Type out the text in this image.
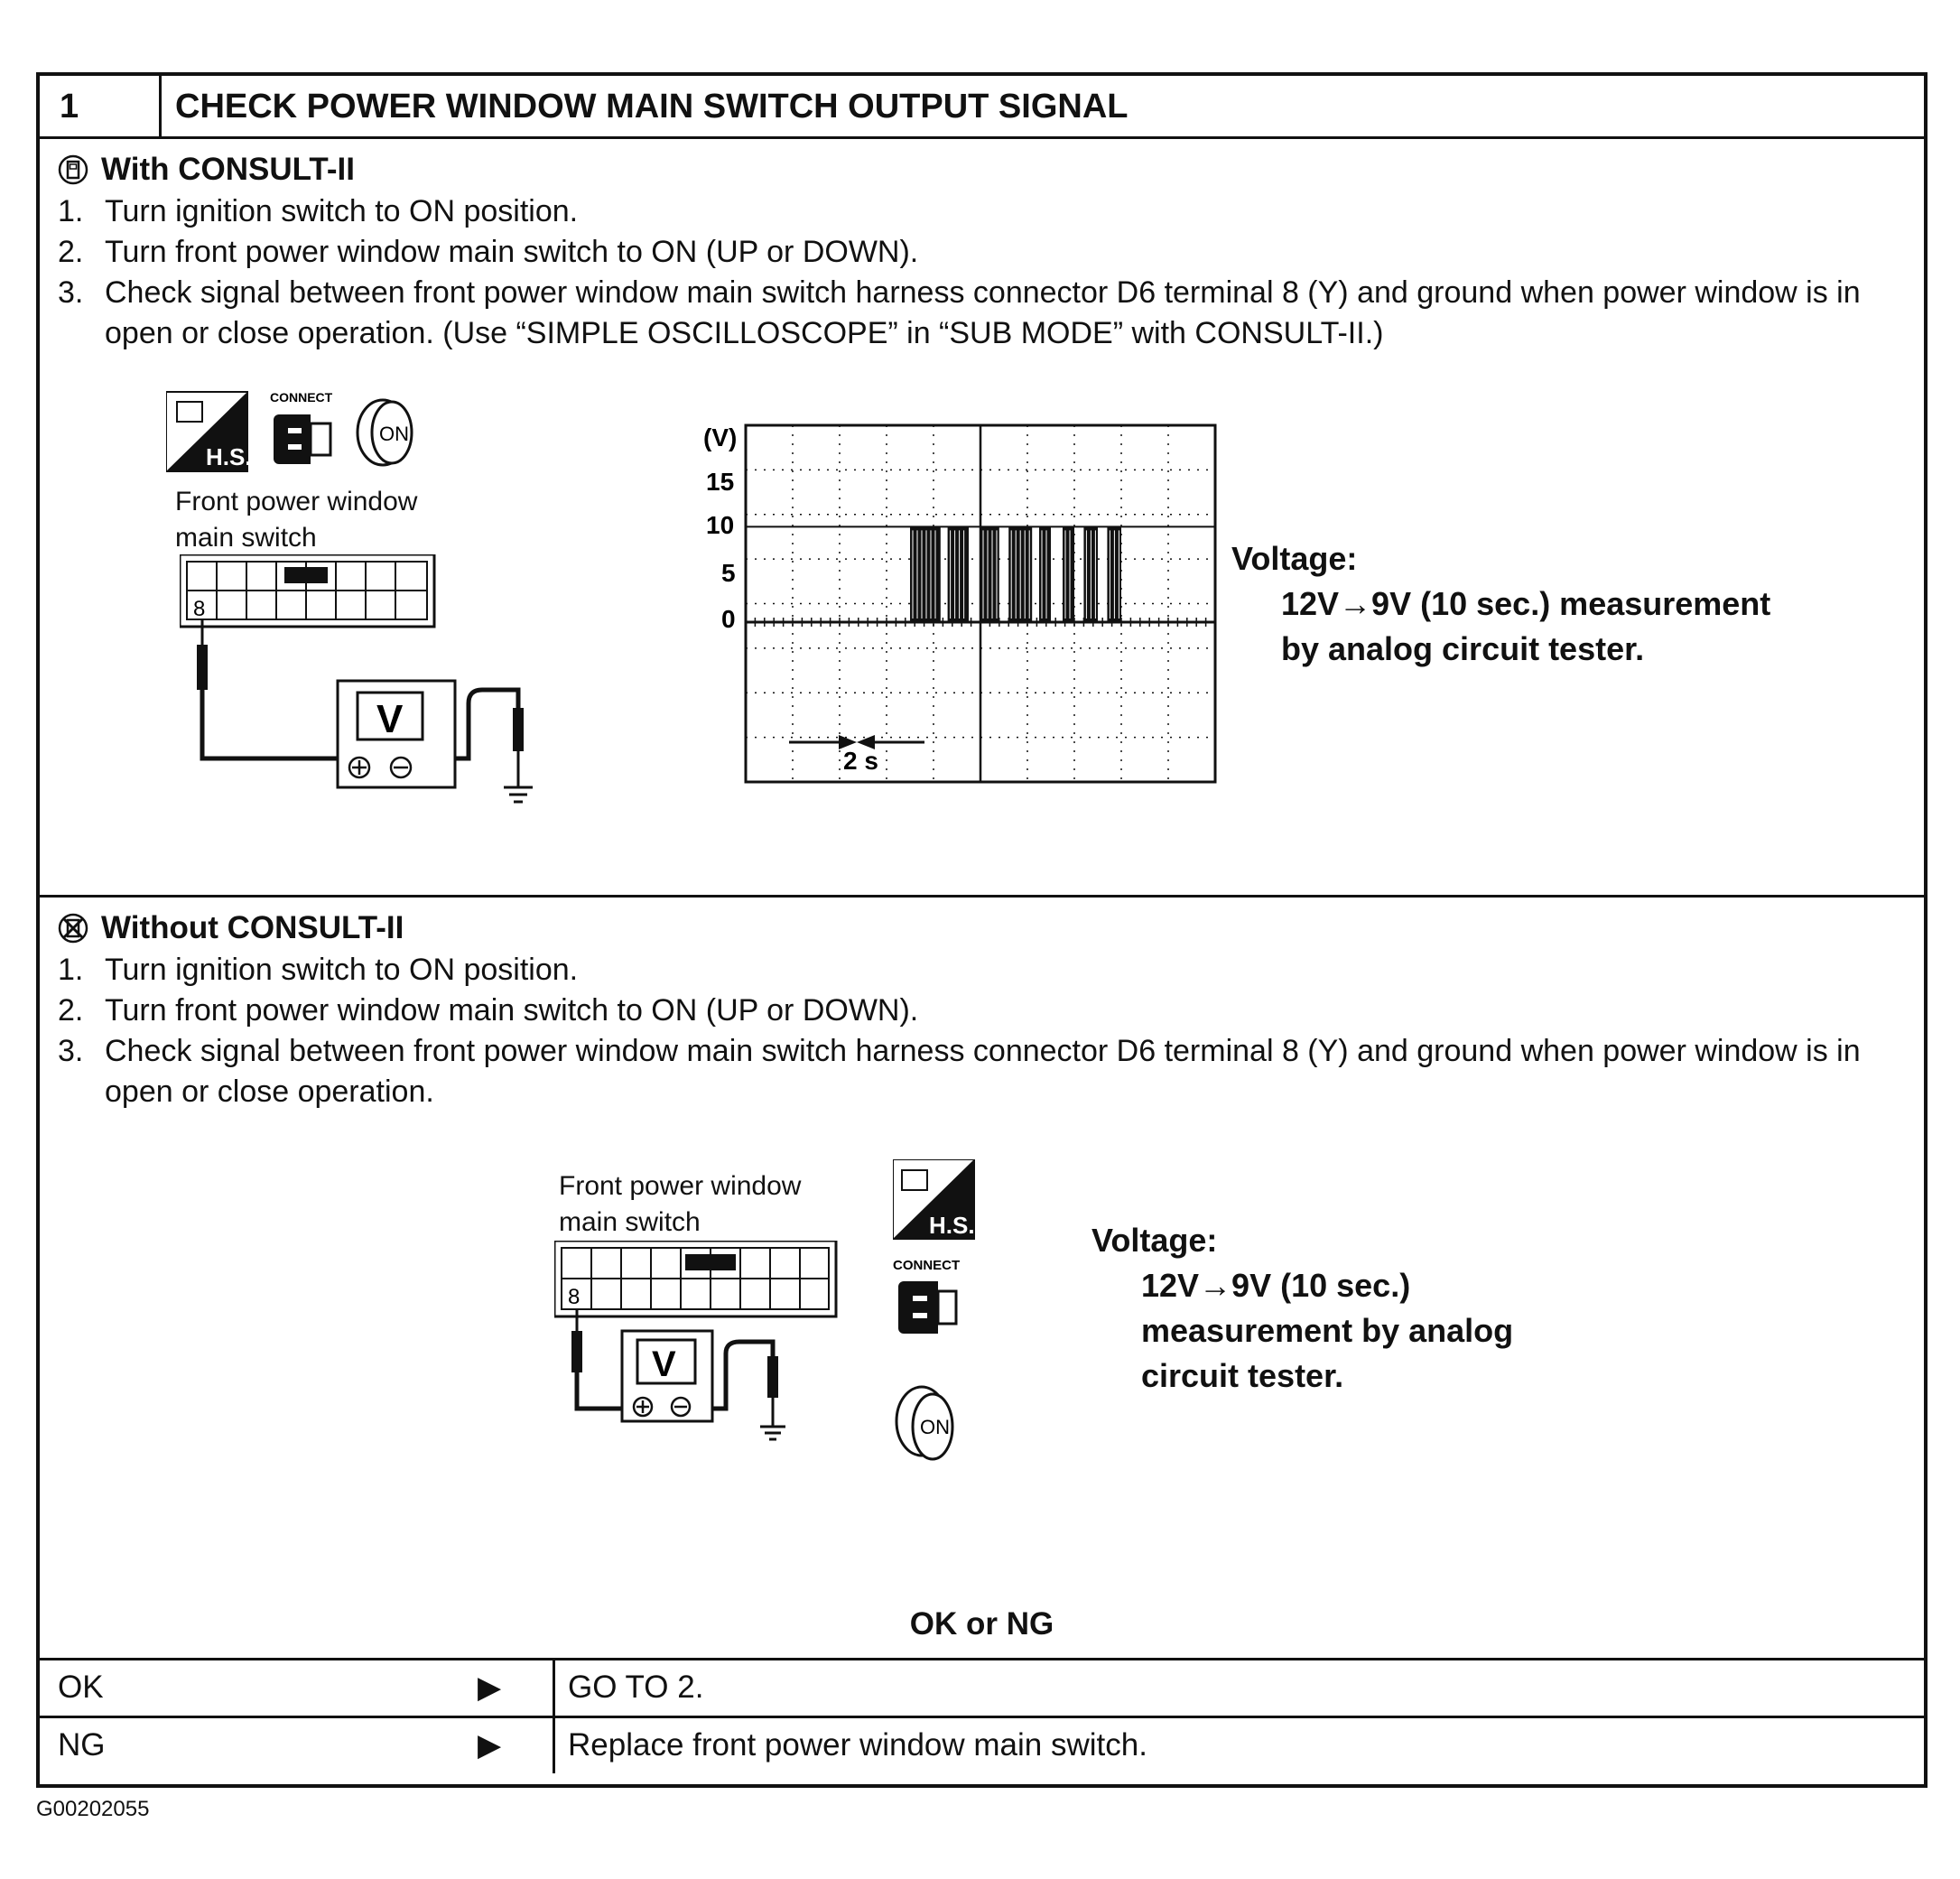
1	CHECK POWER WINDOW MAIN SWITCH OUTPUT SIGNAL
With CONSULT-II
1. Turn ignition switch to ON position.
2. Turn front power window main switch to ON (UP or DOWN).
3. Check signal between front power window main switch harness connector D6 terminal 8 (Y) and ground when power window is in open or close operation. (Use “SIMPLE OSCILLOSCOPE” in “SUB MODE” with CONSULT-II.)
H.S.
CONNECT
ON
Front power window
main switch
8
V
(V)
15
10
5
0
2 s
Voltage:
12V→9V (10 sec.) measurement
by analog circuit tester.
Without CONSULT-II
1. Turn ignition switch to ON position.
2. Turn front power window main switch to ON (UP or DOWN).
3. Check signal between front power window main switch harness connector D6 terminal 8 (Y) and ground when power window is in open or close operation.
Front power window
main switch
8
V
H.S.
CONNECT
ON
Voltage:
12V→9V (10 sec.)
measurement by analog
circuit tester.
OK or NG
OK	▶ GO TO 2.
NG	▶ Replace front power window main switch.
G00202055
